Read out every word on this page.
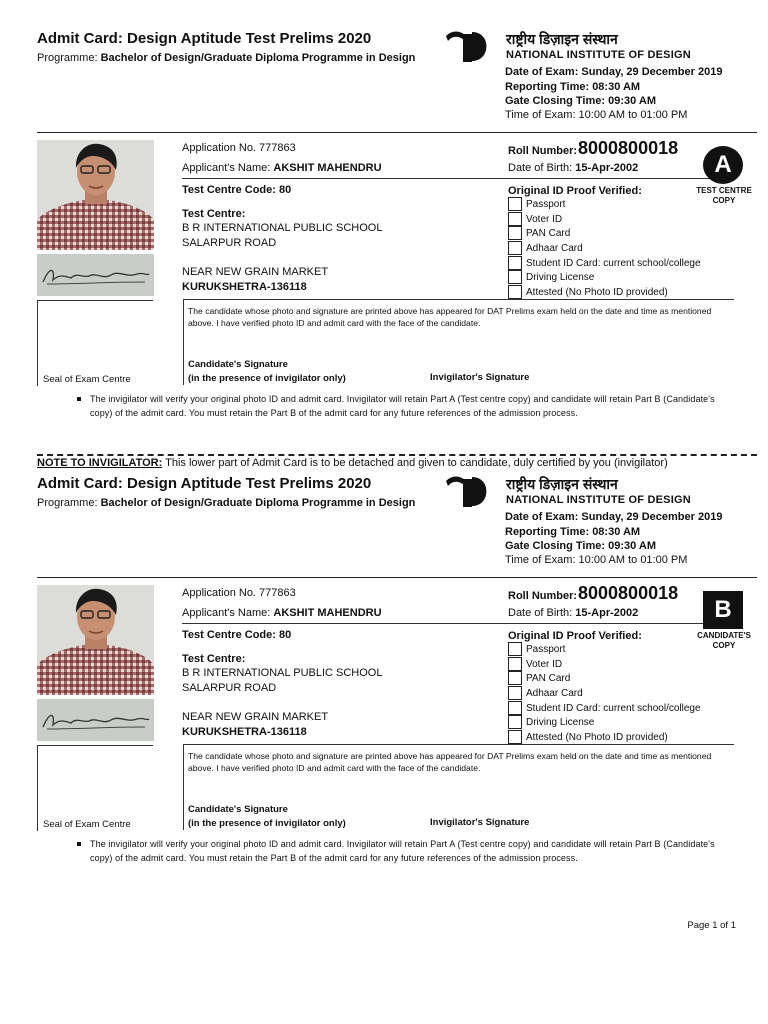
Admit Card: Design Aptitude Test Prelims 2020
Programme: Bachelor of Design/Graduate Diploma Programme in Design
राष्ट्रीय डिज़ाइन संस्थान
NATIONAL INSTITUTE OF DESIGN
Date of Exam: Sunday, 29 December 2019
Reporting Time: 08:30 AM
Gate Closing Time: 09:30 AM
Time of Exam: 10:00 AM to 01:00 PM
Seal of Exam Centre
Application No. 777863
Applicant's Name: AKSHIT MAHENDRU
Test Centre Code: 80
Test Centre:
B R INTERNATIONAL PUBLIC SCHOOL
SALARPUR ROAD
NEAR NEW GRAIN MARKET
KURUKSHETRA-136118
Roll Number: 8000800018
Date of Birth: 15-Apr-2002	A
TEST CENTRE COPY
Original ID Proof Verified:
Passport
Voter ID
PAN Card
Adhaar Card
Student ID Card: current school/college
Driving License
Attested (No Photo ID provided)
The candidate whose photo and signature are printed above has appeared for DAT Prelims exam held on the date and time as mentioned above. I have verified photo ID and admit card with the face of the candidate.
Candidate's Signature
(in the presence of invigilator only)	Invigilator's Signature
The invigilator will verify your original photo ID and admit card. Invigilator will retain Part A (Test centre copy) and candidate will retain Part B (Candidate's copy) of the admit card. You must retain the Part B of the admit card for any future references of the admission process.
NOTE TO INVIGILATOR: This lower part of Admit Card is to be detached and given to candidate, duly certified by you (invigilator)
Admit Card: Design Aptitude Test Prelims 2020
Programme: Bachelor of Design/Graduate Diploma Programme in Design
राष्ट्रीय डिज़ाइन संस्थान
NATIONAL INSTITUTE OF DESIGN
Date of Exam: Sunday, 29 December 2019
Reporting Time: 08:30 AM
Gate Closing Time: 09:30 AM
Time of Exam: 10:00 AM to 01:00 PM
Seal of Exam Centre
Application No. 777863
Applicant's Name: AKSHIT MAHENDRU
Test Centre Code: 80
Test Centre:
B R INTERNATIONAL PUBLIC SCHOOL
SALARPUR ROAD
NEAR NEW GRAIN MARKET
KURUKSHETRA-136118
Roll Number: 8000800018
Date of Birth: 15-Apr-2002	B
CANDIDATE'S COPY
Original ID Proof Verified:
Passport
Voter ID
PAN Card
Adhaar Card
Student ID Card: current school/college
Driving License
Attested (No Photo ID provided)
The candidate whose photo and signature are printed above has appeared for DAT Prelims exam held on the date and time as mentioned above. I have verified photo ID and admit card with the face of the candidate.
Candidate's Signature
(in the presence of invigilator only)	Invigilator's Signature
The invigilator will verify your original photo ID and admit card. Invigilator will retain Part A (Test centre copy) and candidate will retain Part B (Candidate's copy) of the admit card. You must retain the Part B of the admit card for any future references of the admission process.
Page 1 of 1
